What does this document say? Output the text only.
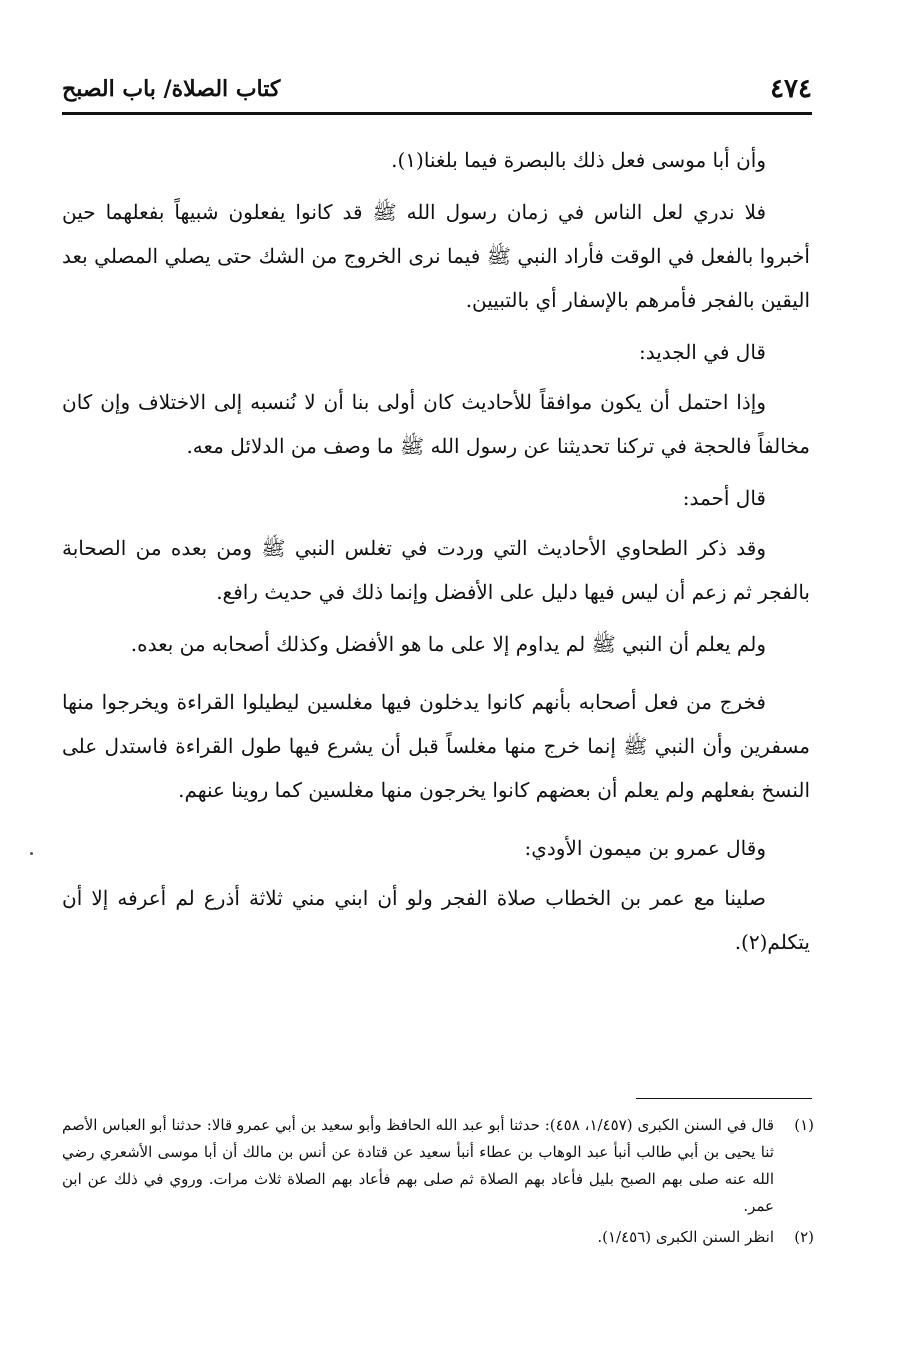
٤٧٤
كتاب الصلاة/ باب الصبح

وأن أبا موسى فعل ذلك بالبصرة فيما بلغنا(١).

فلا ندري لعل الناس في زمان رسول الله ﷺ قد كانوا يفعلون شبيهاً بفعلهما حين أخبروا بالفعل في الوقت فأراد النبي ﷺ فيما نرى الخروج من الشك حتى يصلي المصلي بعد اليقين بالفجر فأمرهم بالإسفار أي بالتبيين.

قال في الجديد:

وإذا احتمل أن يكون موافقاً للأحاديث كان أولى بنا أن لا نُنسبه إلى الاختلاف وإن كان مخالفاً فالحجة في تركنا تحديثنا عن رسول الله ﷺ ما وصف من الدلائل معه.

قال أحمد:

وقد ذكر الطحاوي الأحاديث التي وردت في تغلس النبي ﷺ ومن بعده من الصحابة بالفجر ثم زعم أن ليس فيها دليل على الأفضل وإنما ذلك في حديث رافع.

ولم يعلم أن النبي ﷺ لم يداوم إلا على ما هو الأفضل وكذلك أصحابه من بعده.

فخرج من فعل أصحابه بأنهم كانوا يدخلون فيها مغلسين ليطيلوا القراءة ويخرجوا منها مسفرين وأن النبي ﷺ إنما خرج منها مغلساً قبل أن يشرع فيها طول القراءة فاستدل على النسخ بفعلهم ولم يعلم أن بعضهم كانوا يخرجون منها مغلسين كما روينا عنهم.

وقال عمرو بن ميمون الأودي:

صلينا مع عمر بن الخطاب صلاة الفجر ولو أن ابني مني ثلاثة أذرع لم أعرفه إلا أن يتكلم(٢).

(١)
قال في السنن الكبرى (١/٤٥٧، ٤٥٨): حدثنا أبو عبد الله الحافظ وأبو سعيد بن أبي عمرو قالا: حدثنا أبو العباس الأصم ثنا يحيى بن أبي طالب أنبأ عبد الوهاب بن عطاء أنبأ سعيد عن قتادة عن أنس بن مالك أن أبا موسى الأشعري رضي الله عنه صلى بهم الصبح بليل فأعاد بهم الصلاة ثم صلى بهم فأعاد بهم الصلاة ثلاث مرات. وروي في ذلك عن ابن عمر.
(٢)
انظر السنن الكبرى (١/٤٥٦).
